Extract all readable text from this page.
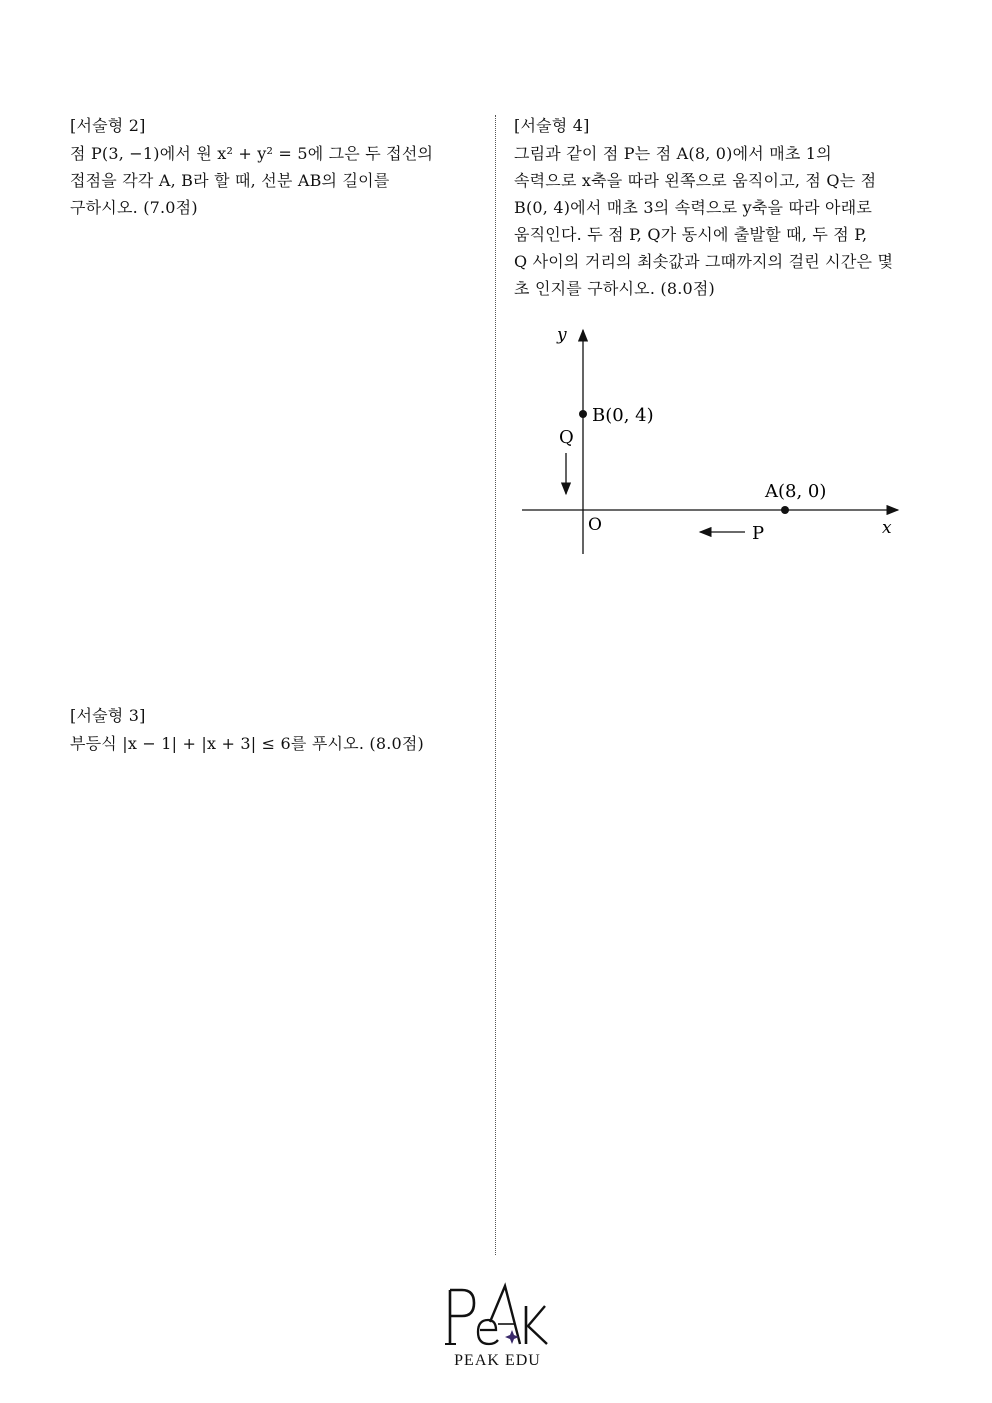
[서술형 2]
점 P(3, −1)에서 원 x² + y² = 5에 그은 두 접선의
접점을 각각 A, B라 할 때, 선분 AB의 길이를
구하시오. (7.0점)
[서술형 3]
부등식 |x − 1| + |x + 3| ≤ 6를 푸시오. (8.0점)
[서술형 4]
그림과 같이 점 P는 점 A(8, 0)에서 매초 1의
속력으로 x축을 따라 왼쪽으로 움직이고, 점 Q는 점
B(0, 4)에서 매초 3의 속력으로 y축을 따라 아래로
움직인다. 두 점 P, Q가 동시에 출발할 때, 두 점 P,
Q 사이의 거리의 최솟값과 그때까지의 걸린 시간은 몇
초 인지를 구하시오. (8.0점)
y
x
O
B(0, 4)
A(8, 0)
Q
P
PEAK EDU
